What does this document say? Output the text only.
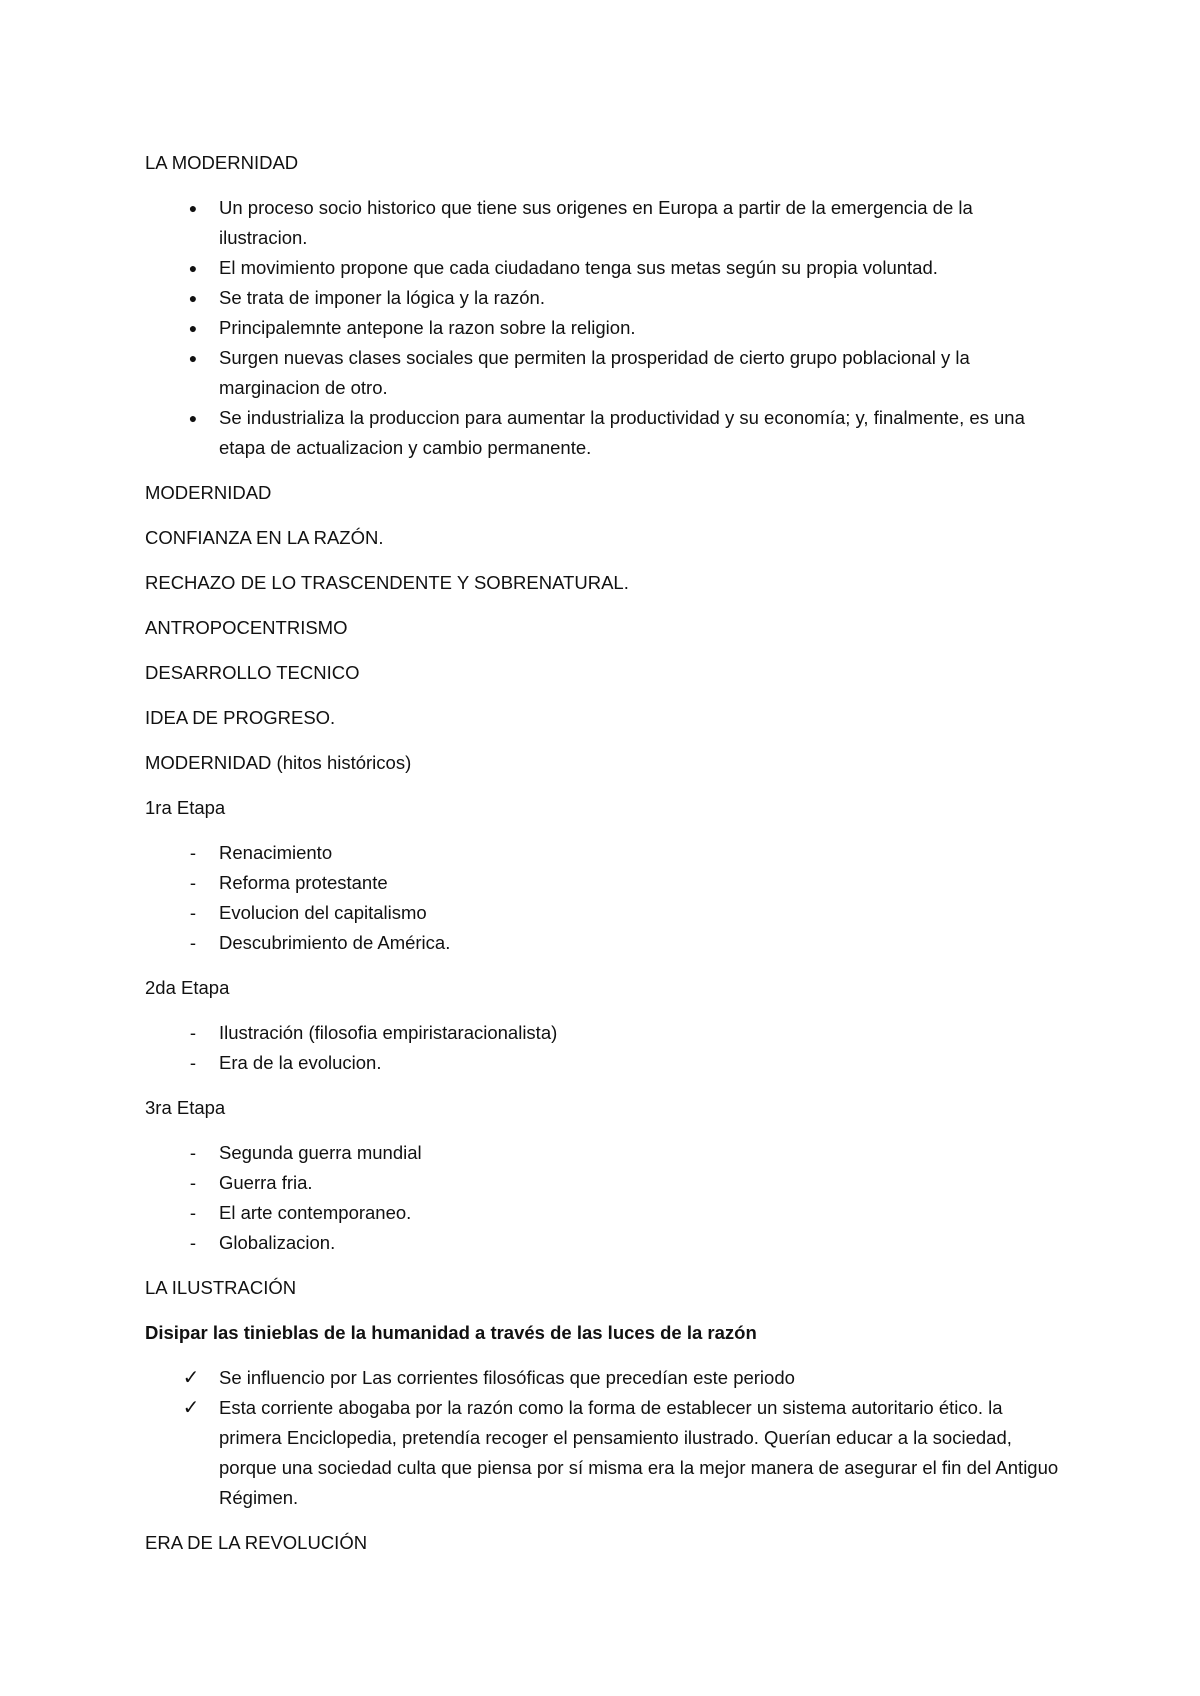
LA MODERNIDAD
●	Un proceso socio historico que tiene sus origenes en Europa a partir de la emergencia de la ilustracion.
●	El movimiento propone que cada ciudadano tenga sus metas según su propia voluntad.
●	Se trata de imponer la lógica y la razón.
●	Principalemnte antepone la razon sobre la religion.
●	Surgen nuevas clases sociales que permiten la prosperidad de cierto grupo poblacional y la marginacion de otro.
●	Se industrializa la produccion para aumentar la productividad y su economía; y, finalmente, es una etapa de actualizacion y cambio permanente.
MODERNIDAD
CONFIANZA EN LA RAZÓN.
RECHAZO DE LO TRASCENDENTE Y SOBRENATURAL.
ANTROPOCENTRISMO
DESARROLLO TECNICO
IDEA DE PROGRESO.
MODERNIDAD (hitos históricos)
1ra Etapa
-	Renacimiento
-	Reforma protestante
-	Evolucion del capitalismo
-	Descubrimiento de América.
2da Etapa
-	Ilustración (filosofia empiristaracionalista)
-	Era de la evolucion.
3ra Etapa
-	Segunda guerra mundial
-	Guerra fria.
-	El arte contemporaneo.
-	Globalizacion.
LA ILUSTRACIÓN
Disipar las tinieblas de la humanidad a través de las luces de la razón
✓ Se influencio por Las corrientes filosóficas que precedían este periodo
✓ Esta corriente abogaba por la razón como la forma de establecer un sistema autoritario ético. la primera Enciclopedia, pretendía recoger el pensamiento ilustrado. Querían educar a la sociedad, porque una sociedad culta que piensa por sí misma era la mejor manera de asegurar el fin del Antiguo Régimen.
ERA DE LA REVOLUCIÓN
